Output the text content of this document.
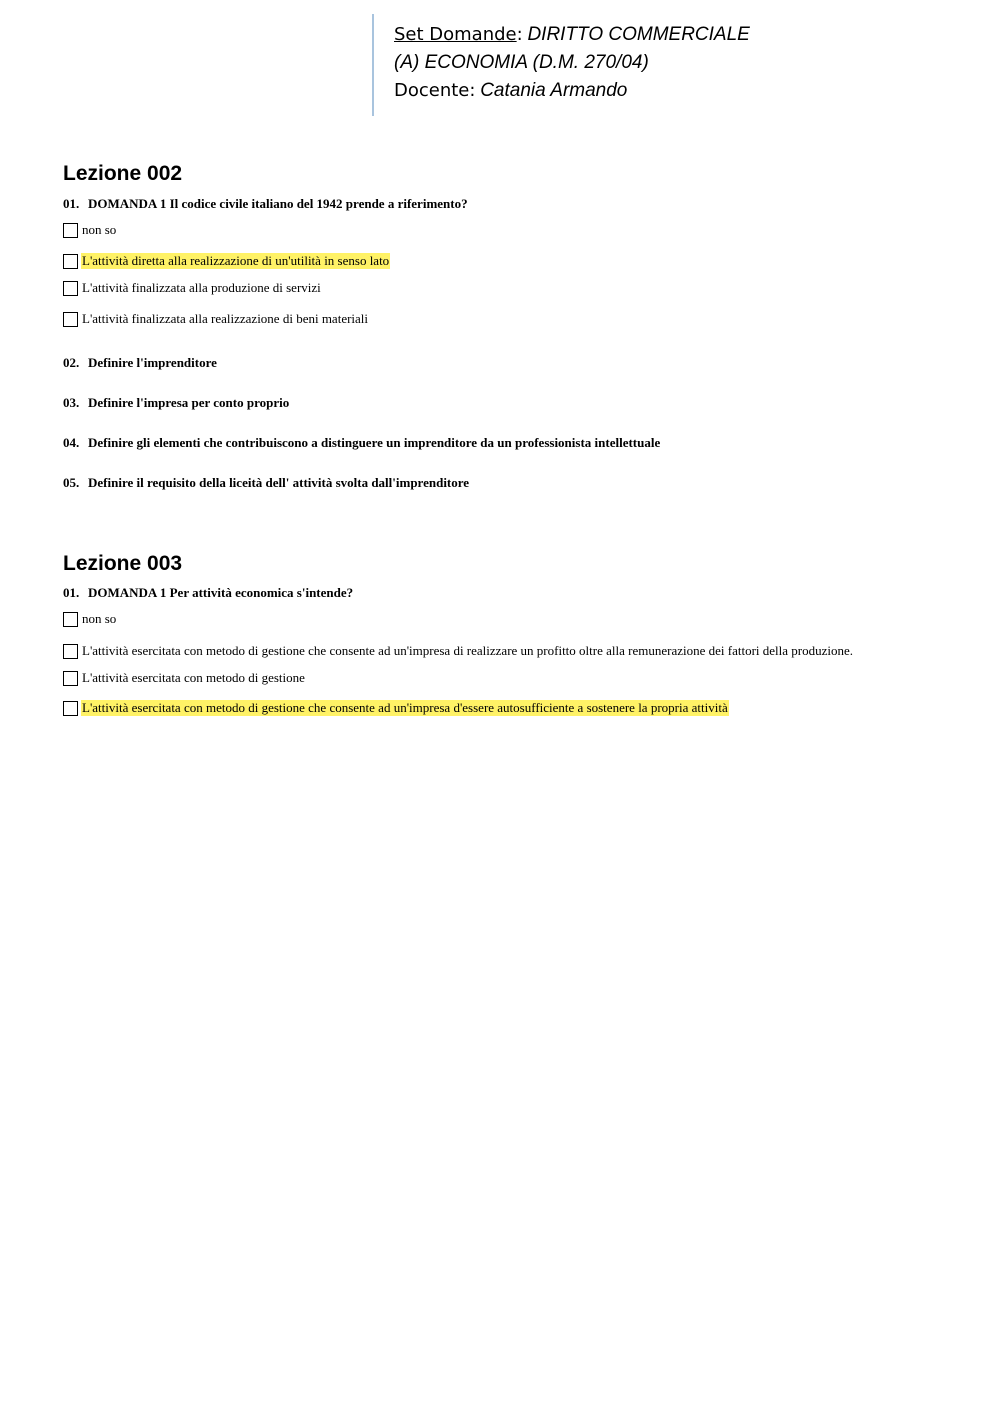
Set Domande: DIRITTO COMMERCIALE
(A) ECONOMIA (D.M. 270/04)
Docente: Catania Armando
Lezione 002
01. DOMANDA 1 Il codice civile italiano del 1942 prende a riferimento?
non so
L'attività diretta alla realizzazione di un'utilità in senso lato
L'attività finalizzata alla produzione di servizi
L'attività finalizzata alla realizzazione di beni materiali
02. Definire l'imprenditore
03. Definire l'impresa per conto proprio
04. Definire gli elementi che contribuiscono a distinguere un imprenditore da un professionista intellettuale
05. Definire il requisito della liceità dell' attività svolta dall'imprenditore
Lezione 003
01. DOMANDA 1 Per attività economica s'intende?
non so
L'attività esercitata con metodo di gestione che consente ad un'impresa di realizzare un profitto oltre alla remunerazione dei fattori della produzione.
L'attività esercitata con metodo di gestione
L'attività esercitata con metodo di gestione che consente ad un'impresa d'essere autosufficiente a sostenere la propria attività
